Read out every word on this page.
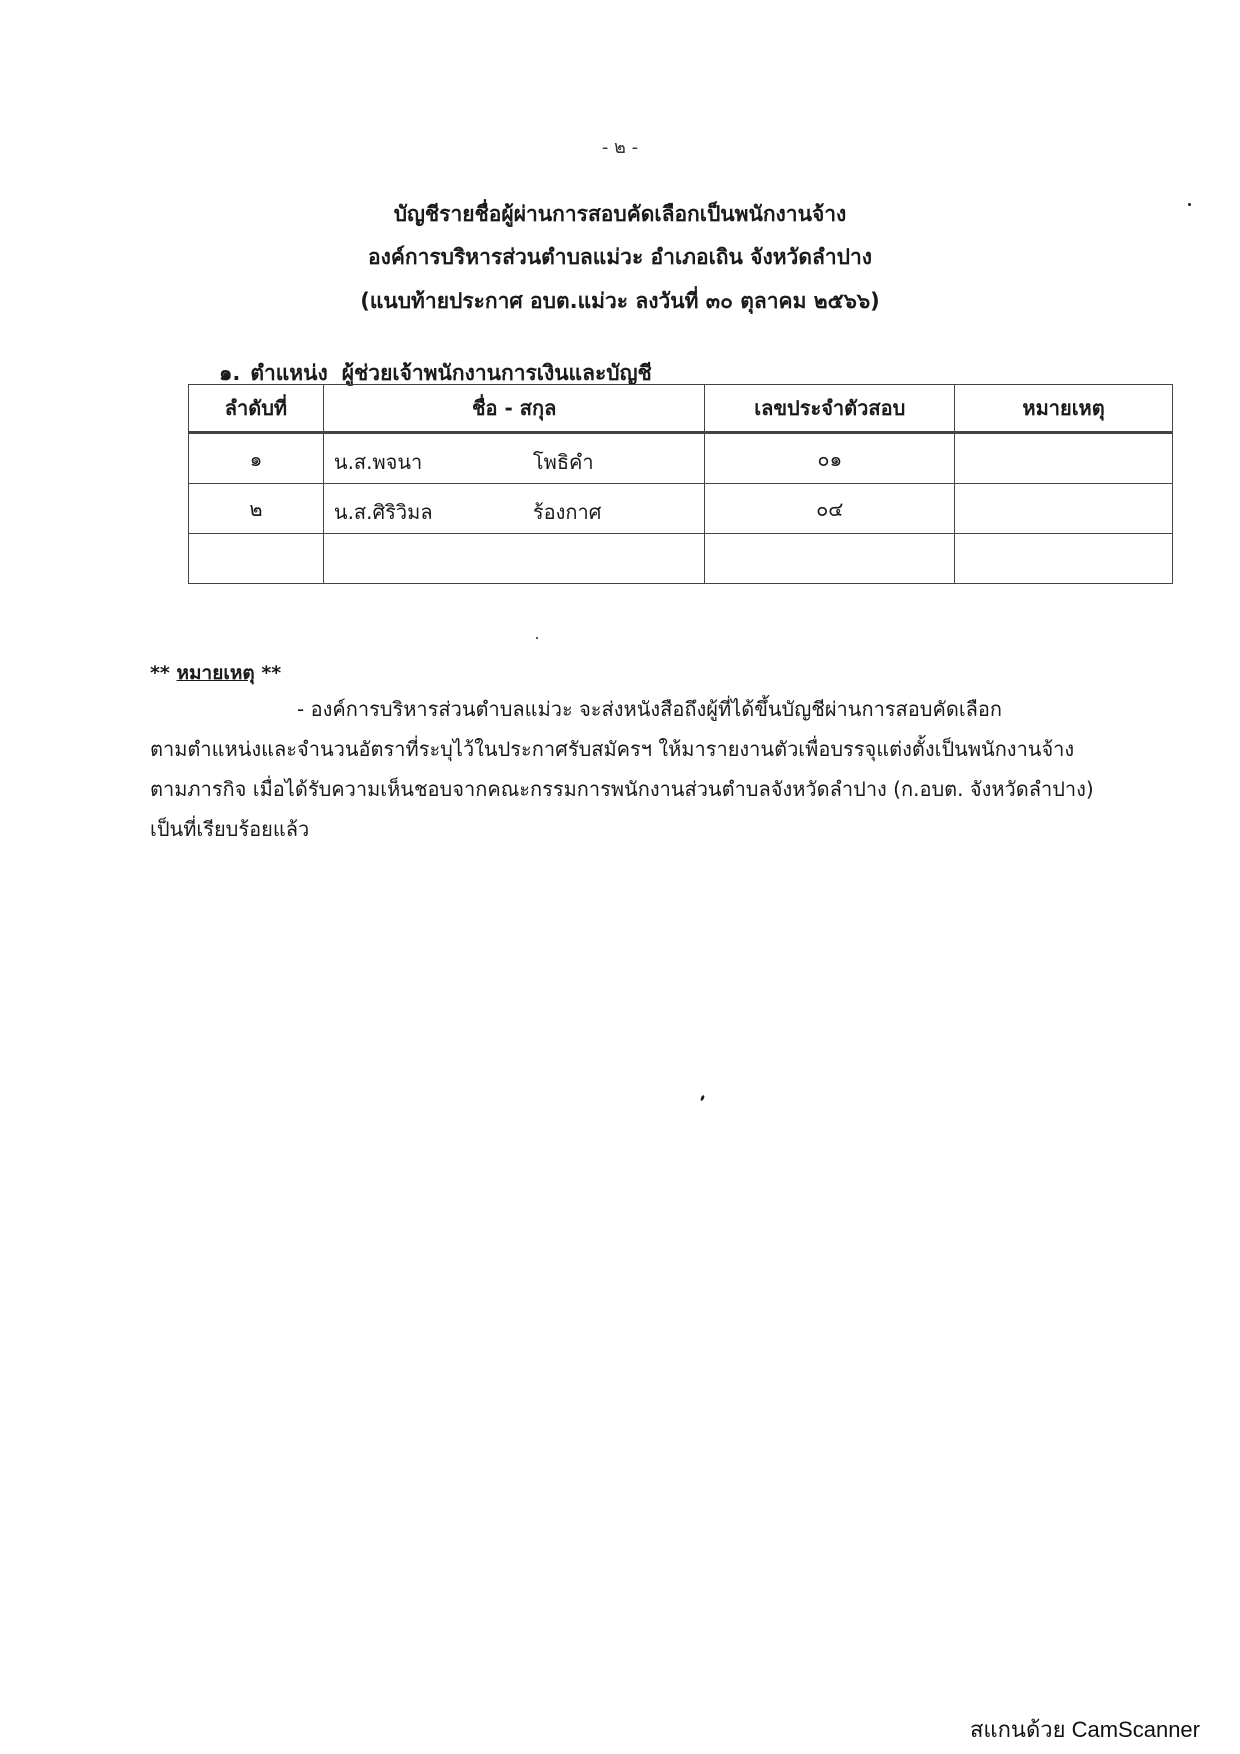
- ๒ -
บัญชีรายชื่อผู้ผ่านการสอบคัดเลือกเป็นพนักงานจ้าง
องค์การบริหารส่วนตำบลแม่วะ อำเภอเถิน จังหวัดลำปาง
(แนบท้ายประกาศ อบต.แม่วะ ลงวันที่ ๓๐ ตุลาคม ๒๕๖๖)
๑. ตำแหน่ง ผู้ช่วยเจ้าพนักงานการเงินและบัญชี
ลำดับที่	ชื่อ - สกุล	เลขประจำตัวสอบ	หมายเหตุ
๑	น.ส.พจนา โพธิคำ	๐๑	
๒	น.ส.ศิริวิมล ร้องกาศ	๐๔	

** หมายเหตุ **
- องค์การบริหารส่วนตำบลแม่วะ จะส่งหนังสือถึงผู้ที่ได้ขึ้นบัญชีผ่านการสอบคัดเลือก
ตามตำแหน่งและจำนวนอัตราที่ระบุไว้ในประกาศรับสมัครฯ ให้มารายงานตัวเพื่อบรรจุแต่งตั้งเป็นพนักงานจ้าง
ตามภารกิจ เมื่อได้รับความเห็นชอบจากคณะกรรมการพนักงานส่วนตำบลจังหวัดลำปาง (ก.อบต. จังหวัดลำปาง)
เป็นที่เรียบร้อยแล้ว
สแกนด้วย CamScanner
